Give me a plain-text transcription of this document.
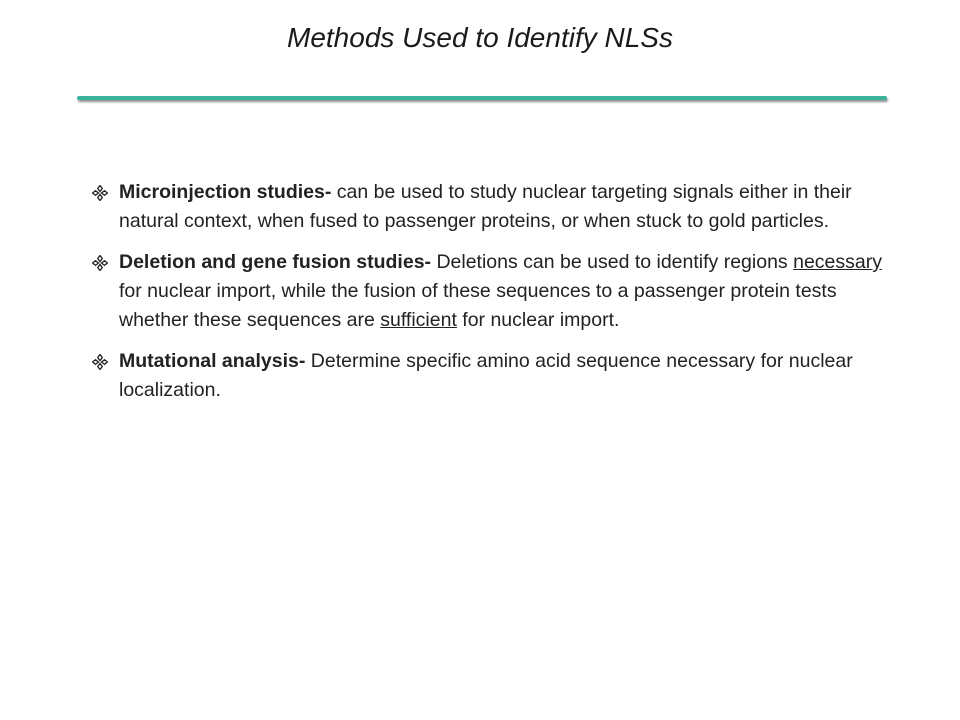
Methods Used to Identify NLSs
Microinjection studies- can be used to study nuclear targeting signals either in their natural context, when fused to passenger proteins, or when stuck to gold particles.
Deletion and gene fusion studies- Deletions can be used to identify regions necessary for nuclear import, while the fusion of these sequences to a passenger protein tests whether these sequences are sufficient for nuclear import.
Mutational analysis- Determine specific amino acid sequence necessary for nuclear localization.
